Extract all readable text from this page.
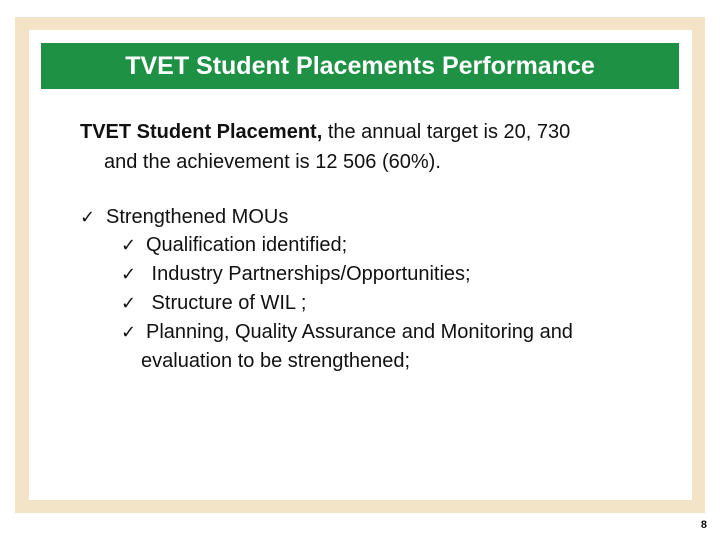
TVET Student Placements Performance
TVET Student Placement, the annual target is 20, 730
and the achievement is 12 506 (60%).
✓ Strengthened MOUs
✓ Qualification identified;
✓ Industry Partnerships/Opportunities;
✓ Structure of WIL ;
✓ Planning, Quality Assurance and Monitoring and
evaluation to be strengthened;
8
